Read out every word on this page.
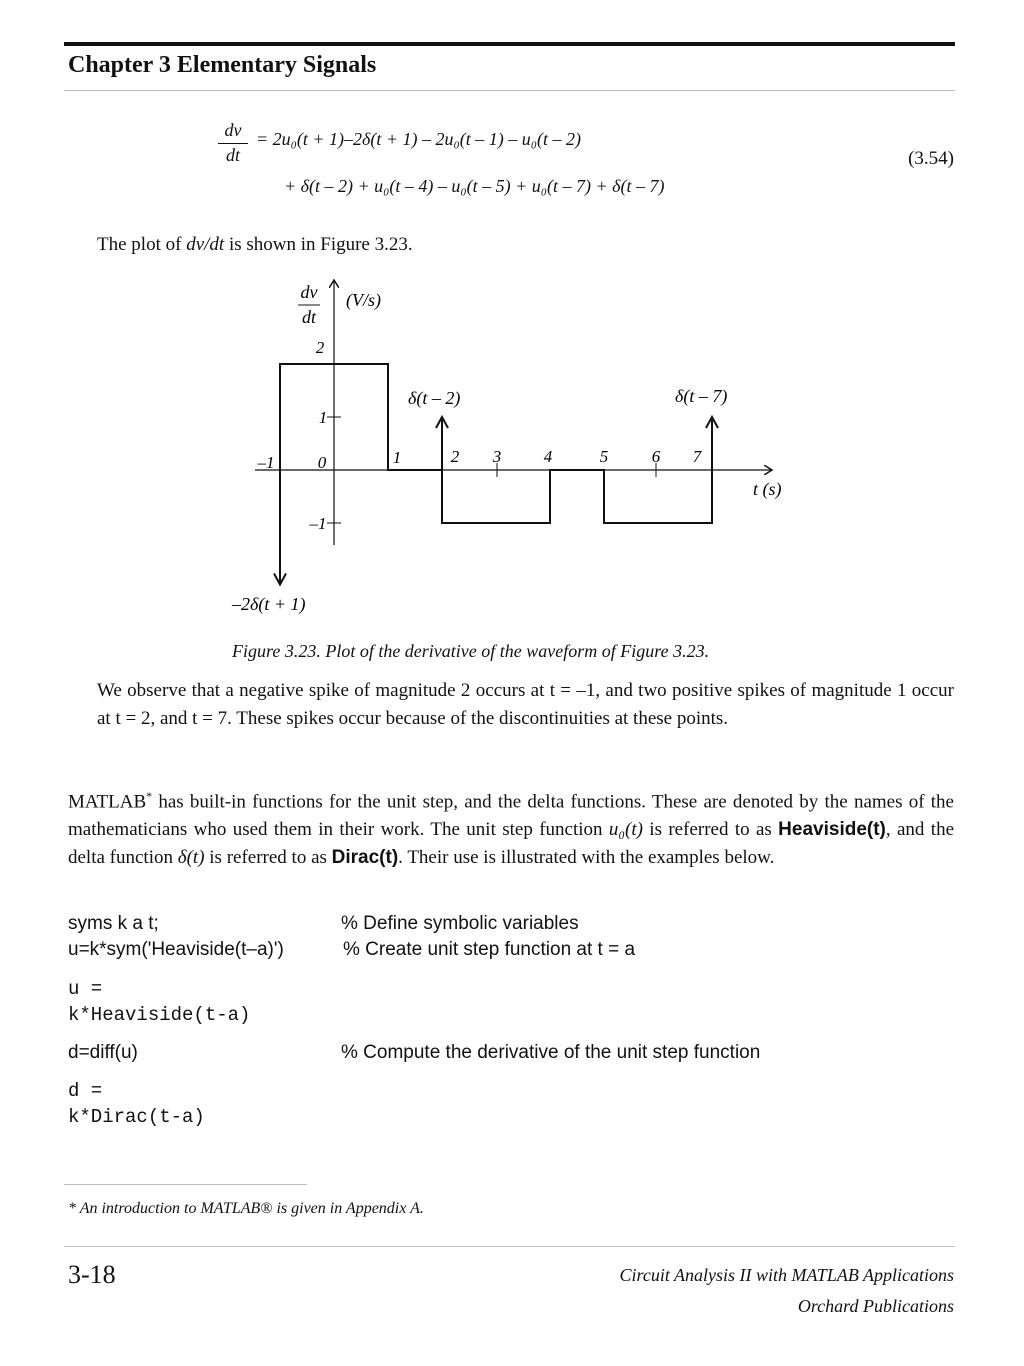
Chapter 3 Elementary Signals
dv
dt
= 2u₀(t + 1)–2δ(t + 1) – 2u₀(t – 1) – u₀(t – 2)
+ δ(t – 2) + u₀(t – 4) – u₀(t – 5) + u₀(t – 7) + δ(t – 7)
(3.54)
The plot of dv/dt is shown in Figure 3.23.
dv
dt
(V/s)
t (s)
–1	0	1	2 3	4	5	6 7
2
1
–1
–2δ(t + 1)
δ(t – 2)	δ(t – 7)
Figure 3.23. Plot of the derivative of the waveform of Figure 3.23.
We observe that a negative spike of magnitude 2 occurs at t = –1, and two positive spikes of magnitude 1 occur at t = 2, and t = 7. These spikes occur because of the discontinuities at these points.
MATLAB* has built-in functions for the unit step, and the delta functions. These are denoted by the names of the mathematicians who used them in their work. The unit step function u₀(t) is referred to as Heaviside(t), and the delta function δ(t) is referred to as Dirac(t). Their use is illustrated with the examples below.
syms k a t;	% Define symbolic variables
u=k*sym('Heaviside(t–a)')	% Create unit step function at t = a
u =
k*Heaviside(t-a)
d=diff(u)	% Compute the derivative of the unit step function
d =
k*Dirac(t-a)
* An introduction to MATLAB® is given in Appendix A.
3-18	Circuit Analysis II with MATLAB Applications
Orchard Publications
